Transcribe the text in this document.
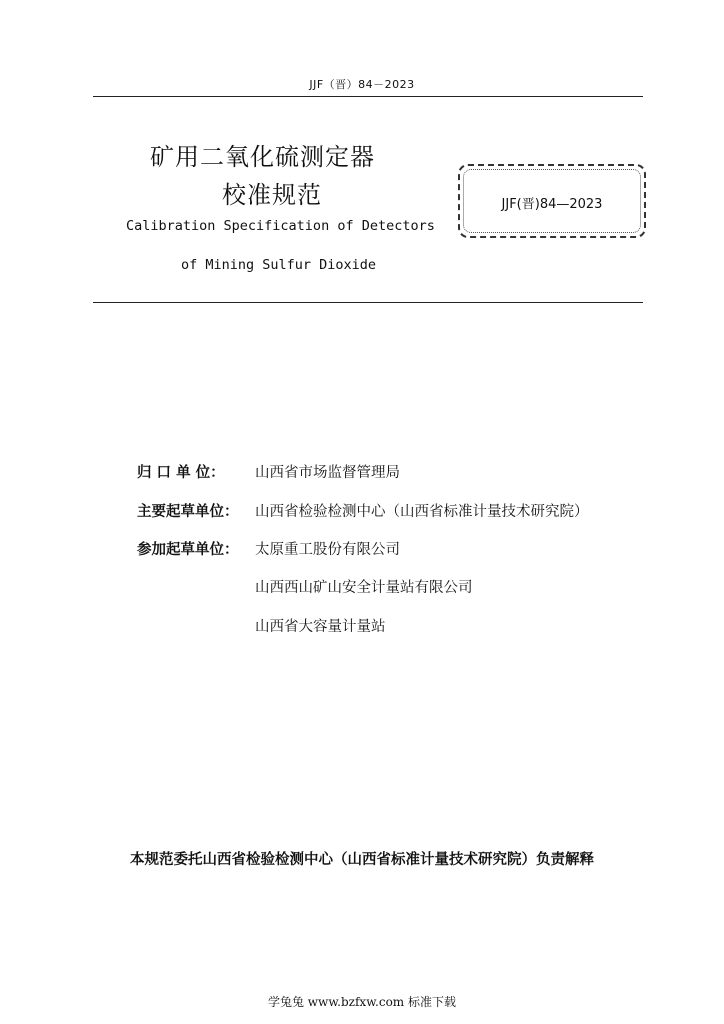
JJF（晋）84－2023
矿用二氧化硫测定器
校准规范
Calibration Specification of Detectors
of Mining Sulfur Dioxide
JJF(晋)84—2023
归 口 单 位： 山西省市场监督管理局
主要起草单位： 山西省检验检测中心（山西省标准计量技术研究院）
参加起草单位： 太原重工股份有限公司
山西西山矿山安全计量站有限公司
山西省大容量计量站
本规范委托山西省检验检测中心（山西省标准计量技术研究院）负责解释
学兔兔 www.bzfxw.com 标准下载
